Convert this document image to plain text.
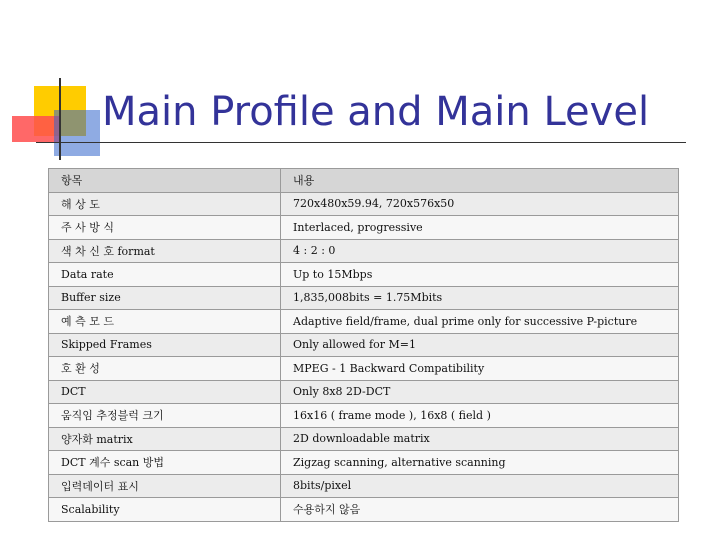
Main Profile and Main Level
항목	내용
해 상 도	720x480x59.94, 720x576x50
주 사 방 식	Interlaced, progressive
색 차 신 호 format	4 : 2 : 0
Data rate	Up to 15Mbps
Buffer size	1,835,008bits = 1.75Mbits
예 측 모 드	Adaptive field/frame, dual prime only for successive P-picture
Skipped Frames	Only allowed for M=1
호 환 성	MPEG - 1 Backward Compatibility
DCT	Only 8x8 2D-DCT
움직임 추정블럭 크기	16x16 ( frame mode ), 16x8 ( field )
양자화 matrix	2D downloadable matrix
DCT 계수 scan 방법	Zigzag scanning, alternative scanning
입력데이터 표시	8bits/pixel
Scalability	수용하지 않음
